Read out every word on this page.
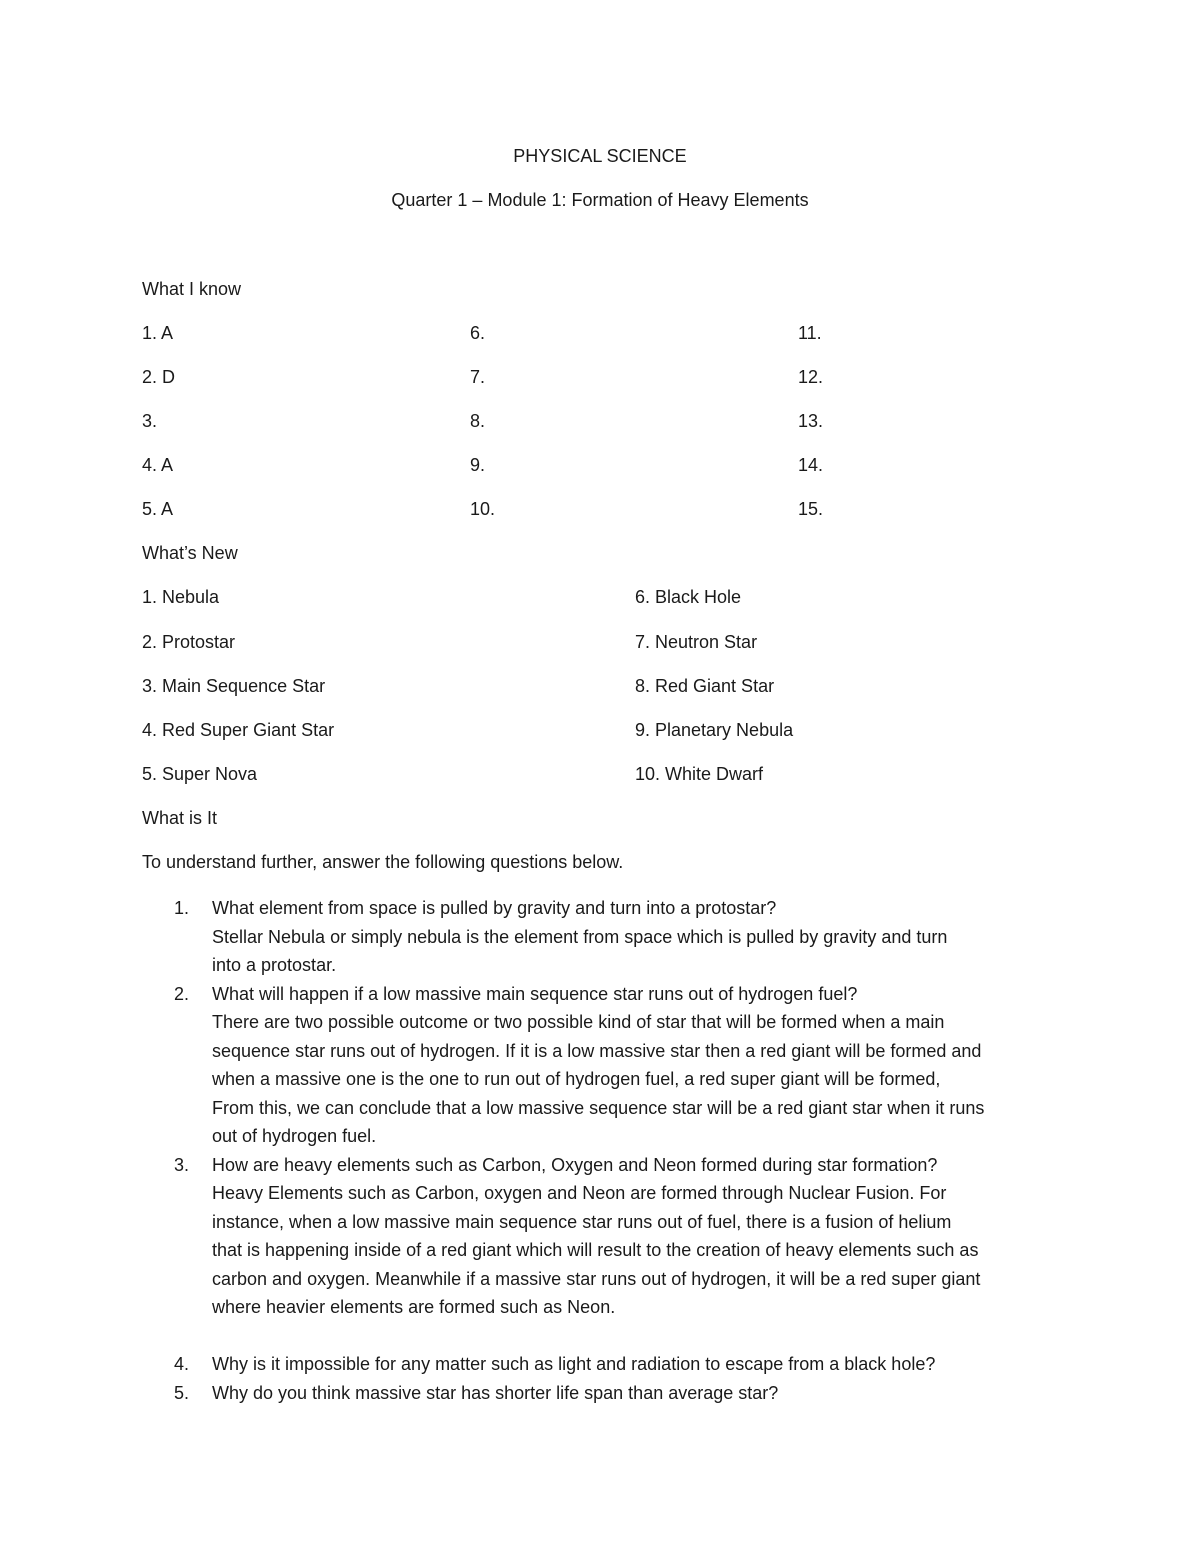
PHYSICAL SCIENCE
Quarter 1 – Module 1: Formation of Heavy Elements
What I know
1. A
2. D
3.
4. A
5. A
6.
7.
8.
9.
10.
11.
12.
13.
14.
15.
What’s New
1. Nebula
2. Protostar
3. Main Sequence Star
4. Red Super Giant Star
5. Super Nova
6. Black Hole
7. Neutron Star
8. Red Giant Star
9. Planetary Nebula
10. White Dwarf
What is It
To understand further, answer the following questions below.
1. What element from space is pulled by gravity and turn into a protostar?
Stellar Nebula or simply nebula is the element from space which is pulled by gravity and turn
into a protostar.
2. What will happen if a low massive main sequence star runs out of hydrogen fuel?
There are two possible outcome or two possible kind of star that will be formed when a main
sequence star runs out of hydrogen. If it is a low massive star then a red giant will be formed and
when a massive one is the one to run out of hydrogen fuel, a red super giant will be formed,
From this, we can conclude that a low massive sequence star will be a red giant star when it runs
out of hydrogen fuel.
3. How are heavy elements such as Carbon, Oxygen and Neon formed during star formation?
Heavy Elements such as Carbon, oxygen and Neon are formed through Nuclear Fusion. For
instance, when a low massive main sequence star runs out of fuel, there is a fusion of helium
that is happening inside of a red giant which will result to the creation of heavy elements such as
carbon and oxygen. Meanwhile if a massive star runs out of hydrogen, it will be a red super giant
where heavier elements are formed such as Neon.
4. Why is it impossible for any matter such as light and radiation to escape from a black hole?
5. Why do you think massive star has shorter life span than average star?
